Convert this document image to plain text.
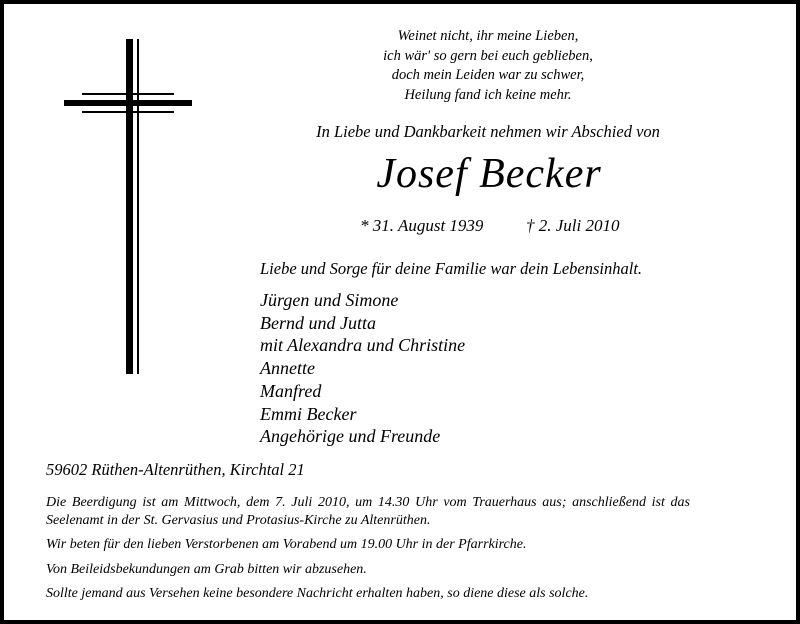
Weinet nicht, ihr meine Lieben,
ich wär' so gern bei euch geblieben,
doch mein Leiden war zu schwer,
Heilung fand ich keine mehr.
In Liebe und Dankbarkeit nehmen wir Abschied von
Josef Becker
* 31. August 1939	† 2. Juli 2010
Liebe und Sorge für deine Familie war dein Lebensinhalt.
Jürgen und Simone
Bernd und Jutta
mit Alexandra und Christine
Annette
Manfred
Emmi Becker
Angehörige und Freunde
59602 Rüthen-Altenrüthen, Kirchtal 21
Die Beerdigung ist am Mittwoch, dem 7. Juli 2010, um 14.30 Uhr vom Trauerhaus aus; anschließend ist das Seelenamt in der St. Gervasius und Protasius-Kirche zu Altenrüthen.
Wir beten für den lieben Verstorbenen am Vorabend um 19.00 Uhr in der Pfarrkirche.
Von Beileidsbekundungen am Grab bitten wir abzusehen.
Sollte jemand aus Versehen keine besondere Nachricht erhalten haben, so diene diese als solche.
